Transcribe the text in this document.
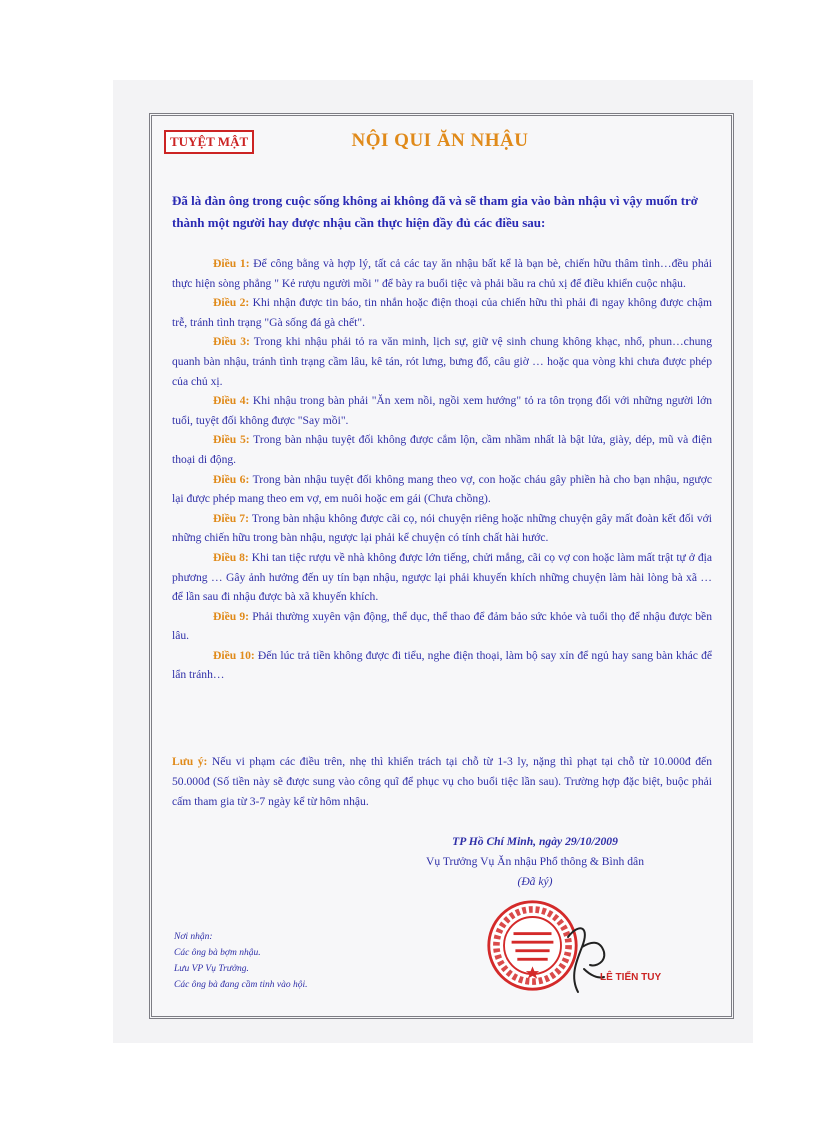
TUYỆT MẬT	NỘI QUI ĂN NHẬU
Đã là đàn ông trong cuộc sống không ai không đã và sẽ tham gia vào bàn nhậu vì vậy muốn trở thành một người hay được nhậu cần thực hiện đầy đủ các điều sau:

Điều 1: Để công bằng và hợp lý, tất cả các tay ăn nhậu bất kể là bạn bè, chiến hữu thâm tình…đều phải thực hiện sòng phẳng " Kẻ rượu người mồi " để bày ra buổi tiệc và phải bầu ra chủ xị để điều khiển cuộc nhậu.

Điều 2: Khi nhận được tin báo, tin nhắn hoặc điện thoại của chiến hữu thì phải đi ngay không được chậm trễ, tránh tình trạng "Gà sống đá gà chết".

Điều 3: Trong khi nhậu phải tỏ ra văn minh, lịch sự, giữ vệ sinh chung không khạc, nhổ, phun…chung quanh bàn nhậu, tránh tình trạng cầm lâu, kê tán, rót lưng, bưng đổ, câu giờ … hoặc qua vòng khi chưa được phép của chủ xị.

Điều 4: Khi nhậu trong bàn phải "Ăn xem nồi, ngồi xem hướng" tỏ ra tôn trọng đối với những người lớn tuổi, tuyệt đối không được "Say mồi".

Điều 5: Trong bàn nhậu tuyệt đối không được cắm lộn, cầm nhầm nhất là bật lửa, giày, dép, mũ và điện thoại di động.

Điều 6: Trong bàn nhậu tuyệt đối không mang theo vợ, con hoặc cháu gây phiền hà cho bạn nhậu, ngược lại được phép mang theo em vợ, em nuôi hoặc em gái (Chưa chồng).

Điều 7: Trong bàn nhậu không được cãi cọ, nói chuyện riêng hoặc những chuyện gây mất đoàn kết đối với những chiến hữu trong bàn nhậu, ngược lại phải kể chuyện có tính chất hài hước.

Điều 8: Khi tan tiệc rượu về nhà không được lớn tiếng, chửi mắng, cãi cọ vợ con hoặc làm mất trật tự ở địa phương … Gây ảnh hưởng đến uy tín bạn nhậu, ngược lại phải khuyến khích những chuyện làm hài lòng bà xã … để lần sau đi nhậu được bà xã khuyến khích.

Điều 9: Phải thường xuyên vận động, thể dục, thể thao để đảm bảo sức khỏe và tuổi thọ để nhậu được bền lâu.

Điều 10: Đến lúc trả tiền không được đi tiểu, nghe điện thoại, làm bộ say xỉn để ngủ hay sang bàn khác để lẩn tránh…

Lưu ý: Nếu vi phạm các điều trên, nhẹ thì khiển trách tại chỗ từ 1-3 ly, nặng thì phạt tại chỗ từ 10.000đ đến 50.000đ (Số tiền này sẽ được sung vào công quĩ để phục vụ cho buổi tiệc lần sau). Trường hợp đặc biệt, buộc phải cấm tham gia từ 3-7 ngày kể từ hôm nhậu.

TP Hồ Chí Minh, ngày 29/10/2009
Vụ Trưởng Vụ Ăn nhậu Phổ thông & Bình dân
(Đã ký)
Nơi nhận:
Các ông bà bợm nhậu.
Lưu VP Vụ Trưởng.
Các ông bà đang cầm tinh vào hội.
LÊ TIẾN TUY
